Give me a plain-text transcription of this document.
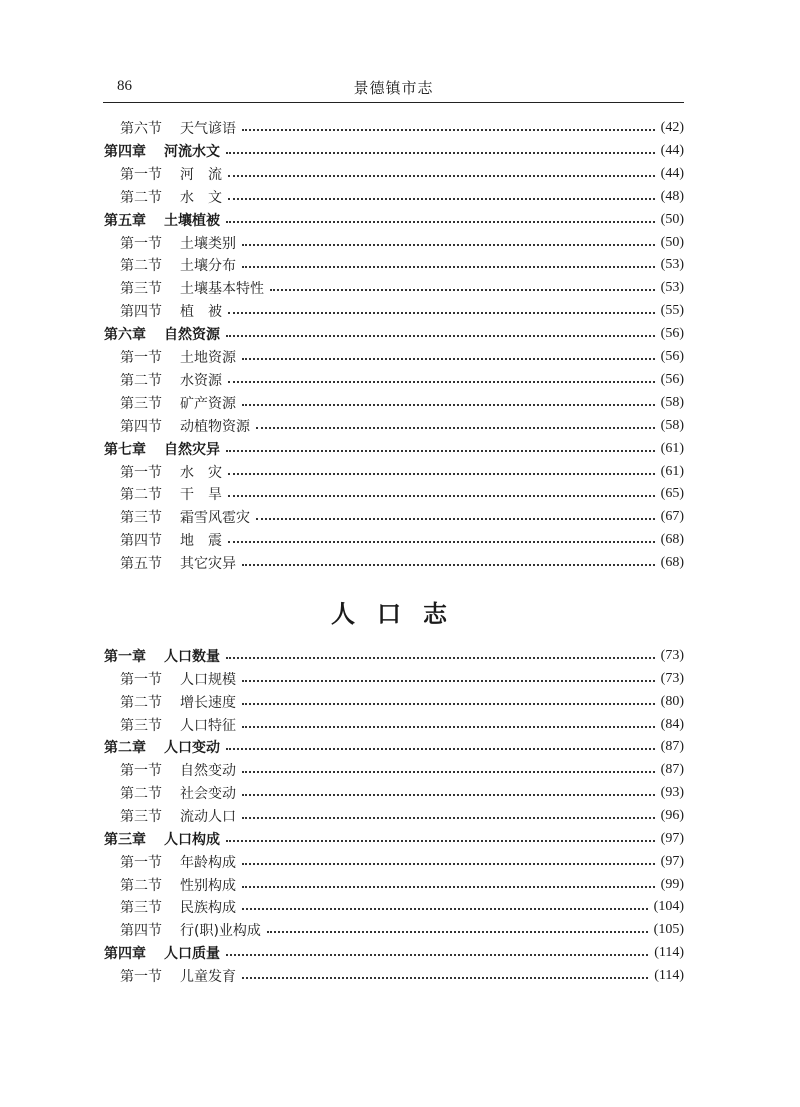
86	景德镇市志
第六节 天气谚语	(42)
第四章 河流水文	(44)
第一节 河　流	(44)
第二节 水　文	(48)
第五章 土壤植被	(50)
第一节 土壤类别	(50)
第二节 土壤分布	(53)
第三节 土壤基本特性	(53)
第四节 植　被	(55)
第六章 自然资源	(56)
第一节 土地资源	(56)
第二节 水资源	(56)
第三节 矿产资源	(58)
第四节 动植物资源	(58)
第七章 自然灾异	(61)
第一节 水　灾	(61)
第二节 干　旱	(65)
第三节 霜雪风雹灾	(67)
第四节 地　震	(68)
第五节 其它灾异	(68)
第一章 人口数量	(73)
第一节 人口规模	(73)
第二节 增长速度	(80)
第三节 人口特征	(84)
第二章 人口变动	(87)
第一节 自然变动	(87)
第二节 社会变动	(93)
第三节 流动人口	(96)
第三章 人口构成	(97)
第一节 年龄构成	(97)
第二节 性别构成	(99)
第三节 民族构成	(104)
第四节 行(职)业构成	(105)
第四章 人口质量	(114)
第一节 儿童发育	(114)
人口志
